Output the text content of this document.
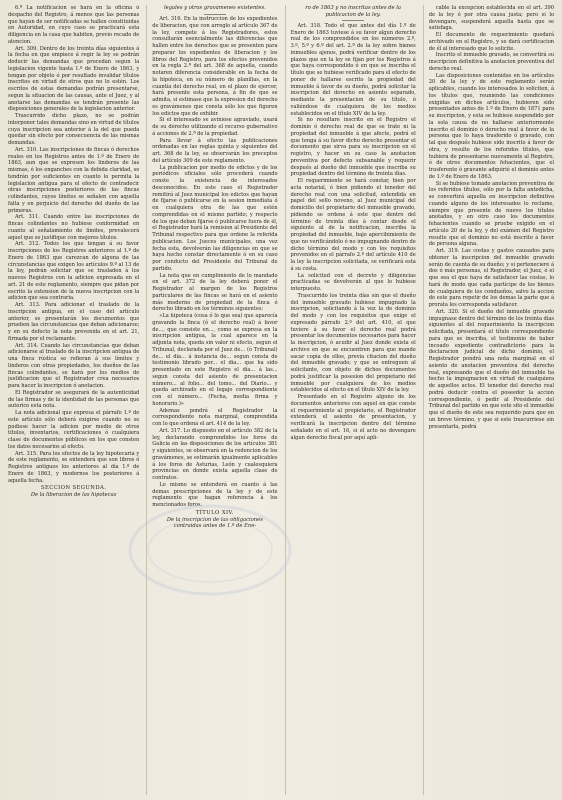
6.ª La notificacion se hará en la oficina ó despacho del Registro, á menos que las personas que hayan de ser notificadas se hallen constituidas en Autoridad, en cuyo caso se practicará esta diligencia en la casa que habiten, previo recado de atencion.

Art. 309. Dentro de los treinta días siguientes á la fecha en que empiece á regir la ley se podrán deducir las demandas que procedan segun la legislacion vigente hasta 1.º de Enero de 1863, y tengan por objeto ó por resultado invalidar títulos inscritos en virtud de otros que no lo estén. Los escritos de estas demandas podrán presentarse, segun la situacion de las causas, ante el Juez, y al anotarse las demandas se tendrán presente las disposiciones generales de la legislacion anterior.

Trascurrido dicho plazo, no se podrán interponer tales demandas sino en virtud de títulos cuya inscripcion sea anterior á la del que pueda quedar sin efecto por consecuencia de las mismas demandas.

Art. 310. Las inscripciones de fincas ó derechos reales en los Registros antes de 1.º de Enero de 1863, aun que se expresen los linderos de las mismas, ó los enganches con la debida claridad, se tendrán por suficientes en cuanto lo permita la legislacion antigua para el efecto de contradecir otras inscripciones posteriores de las fincas colindantes, cuyos límites se señalen con aquella falta y en perjuicio del derecho del dueño de las primeras.

Art. 311. Cuando entre las inscripciones de fincas colindantes no hubiese conformidad en cuanto al señalamiento de límites, prevalecerá aquel que se justifique con mejores títulos.

Art. 312. Todos los que tengan á su favor inscripciones de los Registros anteriores al 1.º de Enero de 1863 que carezcan de alguna de las circunstancias que exigen los artículos 9.º al 13 de la ley, podrán solicitar que se trasladen á los nuevos Registros con la adicion expresada en el art. 21 de este reglamento, siempre que pidan por escrito la extension de la nueva inscripcion con la adicion que sea contraria.

Art. 313. Para adicionar el traslado de la inscripcion antigua, en el caso del artículo anterior, se presentarán los documentos que prueben las circunstancias que deban adicionarse; y en su defecto la nota prevenida en el art. 21, firmada por el reclamante.

Art. 314. Cuando las circunstancias que deban adicionarse al traslado de la inscripcion antigua de una finca rústica se refieran á sus límites y linderos con otras propiedades, los dueños de las fincas colindantes, se hará por los medios de justificacion que el Registrador crea necesarios para hacer la inscripcion ó anotacion.

El Registrador se asegurará de la autenticidad de las firmas y de la identidad de las personas que autorice esta nota.

La nota adicional que expresa el párrafo 1.º de este artículo sólo deberá exigirse cuando no se pudiese hacer la adicion por medio de otros títulos, inventarios, certificaciones ó cualquiera clase de documentos públicos en los que consten los datos necesarios al efecto.

Art. 315. Para los efectos de la ley hipotecaria y de este reglamento, se entenderá que son libros ó Registros antiguos los anteriores al día 1.º de Enero de 1863, y modernos los posteriores á aquella fecha.

SECCION SEGUNDA.

De la liberacion de las hipotecas

legales y otros gravámenes existentes.

Art. 316. En la instruccion de los expedientes de liberacion, que con arreglo al artículo 367 de la ley, compete á los Registradores, estos consultarán esencialmente las diferencias que hallen entre los derechos que se presenten para preparar los expedientes de liberacion y los libros del Registro, para los efectos prevenidos en la regla 2.ª del art. 368 de aquella, cuando notaren diferencia considerable en la fecha de la hipoteca, en su número de planillas, en la cuantía del derecho real, en el plazo de ejercer, hará presente esta persona, á fin de que se admita, si estimase que la expresion del derecho es gravámenes que consta sólo los que figuren los edictos que de exhibir.

Si el interesado se aviniese agraviado, usará de su derecho utilizando el recurso gubernativo á acciones de 2.ª de la propiedad.

Para llevar á efecto las publicaciones ordenadas en las reglas quinta y siguientes del art. 368 de la ley, se observarán los preceptos del artículo 309 de este reglamento.

La publicacion por medio de edictos y de los periódicos oficiales sólo procederá cuando conste la existencia de interesados desconocidos. En este caso el Registrador remitirá al Juez municipal los edictos que hayan de fijarse ó publicarse en la sesion inmediata ó en cualquiera otra de las que estén comprendidas en el mismo partido; y respecto de los que deban fijarse ó publicarse fuera de él, el Registrador hará la remision al Presidente del Tribunal respectivo para que ordene la referida publicacion. Los Jueces municipales, una vez fecha esta, devolverán las diligencias en que se haya hecho constar directamente ó en su caso por conducto del Presidente del Tribunal de partido.

La nota que en cumplimiento de lo mandado en el art. 372 de la ley deberá poner el Registrador al margen de los Registros particulares de las fincas se hará en el asiento más moderno de propiedad de la finca ó derecho librado en los términos siguientes:

«La hipoteca (cosa ó lo que sea) que aparecía gravando la finca (ó el derecho real) á favor de..., que consiste en..., como se expresa en la inscripcion antigua, la cual aparece en la adjunta nota, queda sin valor ni efecto, segun el Tribunal, declarada por el Juez de... (ó Tribunal) de... el dia... á instancia de... segun consta de testimonio librado por... el dia... que ha sido presentado en este Registro el día... á las... segun consta del asiento de presentacion número... al folio... del tomo... del Diario... y queda archivado en el legajo correspondiente con el número... (Fecha, media firma y honorario.)»

Ademas pondrá el Registrador la correspondiente nota marginal, comprendida con lo que ordena el art. 414 de la ley.

Art. 317. Lo dispuesto en el artículo 382 de la ley, declarando comprendidos los foros de Galicia en las disposiciones de los artículos 381 y siguientes, se observará en la redencion de los gravámenes, se estimarán igualmente aplicables á los foros de Asturias, León y cualesquiera provincias en donde exista aquella clase de contratos.

Lo mismo se entenderá en cuanto á las demas prescripciones de la ley y de este reglamento que hagan referencia á los mencionados foros.

TÍTULO XIV.

De la inscripcion de las obligaciones contraidas antes de 1.º de Ene-

ro de 1863 y no inscritas antes de la publicacion de la ley.

Art. 318. Todo el que antes del día 1.º de Enero de 1863 tuviese á su favor algun derecho real de los comprendidos en los números 2.º, 3.º, 5.º y 6.º del art. 2.º de la ley sobre bienes inmuebles ajenos, podrá verificar dentro de los plazos que en la ley se fijan por los Registros á que haya correspondido ó en que se inscriba el título que se hubiese verificado para el efecto de poner de hallarse escrito la propiedad del inmueble á favor de su dueño, podrá solicitar la inscripcion del derecho en asiento separado, mediante la presentacion de su título, ó valiéndose de cualquiera de los medios establecidos en el título XIV de la ley.

Si no resultare inscrito en el Registro el dominio ó derecho real de que se trate ni la propiedad del inmueble á que afecte, podrá el que tenga á su favor dicho derecho presentar el documento que sirva para su inscripcion en el registro, y hacer en su caso la anotacion preventiva por defecto subsanable y requerir después al dueño del inmueble que inscriba su propiedad dentro del término de treinta días.

El requerimiento se hará constar, bien por acta notarial, ó bien pidiendo el tenedor del derecho real con una solicitud, extendida en papel del sello noveno, al Juez municipal del domicilio del propietario del inmueble gravado, pidiendo se ordene á este que dentro del término de treinta días á contar desde el siguiente al de la notificacion, inscriba la propiedad del inmueble, bajo apercibimiento de que no verificándolo ó no impugnando dentro de dicho término del modo y con los requisitos prevenidos en el párrafo 2.º del artículo 410 de la ley la inscripcion solicitada, se verificará esta á su costa.

La solicitud con el decreto y diligencias practicadas se devolverán al que lo hubiese interpuesto.

Trascurrido los treinta días sin que el dueño del inmueble gravado hubiese impugnado la inscripcion, solicitando á la vez la de dominio del modo y con los requisitos que exige el expresado párrafo 2.º del art. 410, el que tuviere á su favor el derecho real podrá presentar los documentos necesarios para hacer la inscripcion, ó acudir al Juez donde exista el archivo en que se encuentren para que mande sacar copia de ellos, previa citacion del dueño del inmueble gravado; y que se entreguen al solicitante, con objeto de dichos documentos podrá justificar la posesion del propietario del inmueble por cualquiera de los medios establecidos al efecto en el título XIV de la ley.

Presentado en el Registro alguno de los documentos anteriores con aquel en que conste el requerimiento al propietario, el Registrador extenderá el asiento de presentacion, y verificará la inscripcion dentro del término señalado en el art. 16, si el acto no devengare algun derecho fiscal por aquí apli-

cable la excepcion establecida en el art. 390 de la ley ó por otra causa justa; pero si lo devengare, suspenderá aquella hasta que se satisfaga.

El documento de requerimiento quedará archivado en el Registro, y se dará certificacion de él al interesado que lo solicite.

Inscrito el inmueble gravado, se convertirá su inscripcion definitiva la anotacion preventiva del derecho real.

Las disposiciones contenidas en los artículos 20 de la ley y de este reglamento serán aplicables, cuando los interesados lo soliciten, á los títulos que, reuniendo las condiciones exigidas en dichos artículos, hubieren sido presentados antes de 1.º de Enero de 1871 para su inscripcion, y esta se hubiese suspendido por la sola causa de no hallarse anteriormente inscrito el dominio ó derecho real á favor de la persona que lo haya trasferido ó gravado, con tal que después hubiese sido inscrito á favor de otra, y resulte de los referidos títulos, que hubiera de presentarse nuevamente al Registro, ó de otros documentos fehacientes, que el trasferente ó gravante adquirió el dominio antes de 1.º de Enero de 1863.

Si se hubiese tomado anotacion preventiva de los referidos títulos, sólo por la falta antedicha, se convertirá aquella en inscripcion definitiva cuando alguno de los interesados lo reclame, siempre que presente de nuevo los títulos anotados, y en otro caso los documentos fehacientes cuando se pruebe exigido en el artículo 20 de la ley, y del exámen del Registro resulte que el dominio no está inscrito á favor de persona alguna.

Art. 319. Las costas y gastos causados para obtener la inscripcion del inmueble gravado serán de cuenta de su dueño; y si perteneciere á dos ó más personas, el Registrador, el Juez, ó el que sea el que haya de satisfacer las costas, lo hará de modo que cada partícipe de los bienes de cualquiera de los condueños, salvo la accion de este para repetir de los demas la parte que á prorata les corresponda satisfacer.

Art. 320. Si el dueño del inmueble gravado impugnase dentro del término de los treinta días siguientes al del requerimiento la inscripcion solicitada, presentará el título correspondiente para que se inscriba, el testimonio de haber incoado expediente contradictorio para la declaracion judicial de dicho dominio, el Registrador pondrá una nota marginal en el asiento de anotacion preventiva del derecho real, expresando que el dueño del inmueble ha hecho la impugnacion en virtud de cualquiera de aquellos actos. El tenedor del derecho real podrá deducir contra el poseedor la accion correspondiente, ó pedir al Presidente del Tribunal del partido en que este sito el inmueble que el dueño de este sea requerido para que en un breve término, y que si este trascurriese sin presentarla, podrá
